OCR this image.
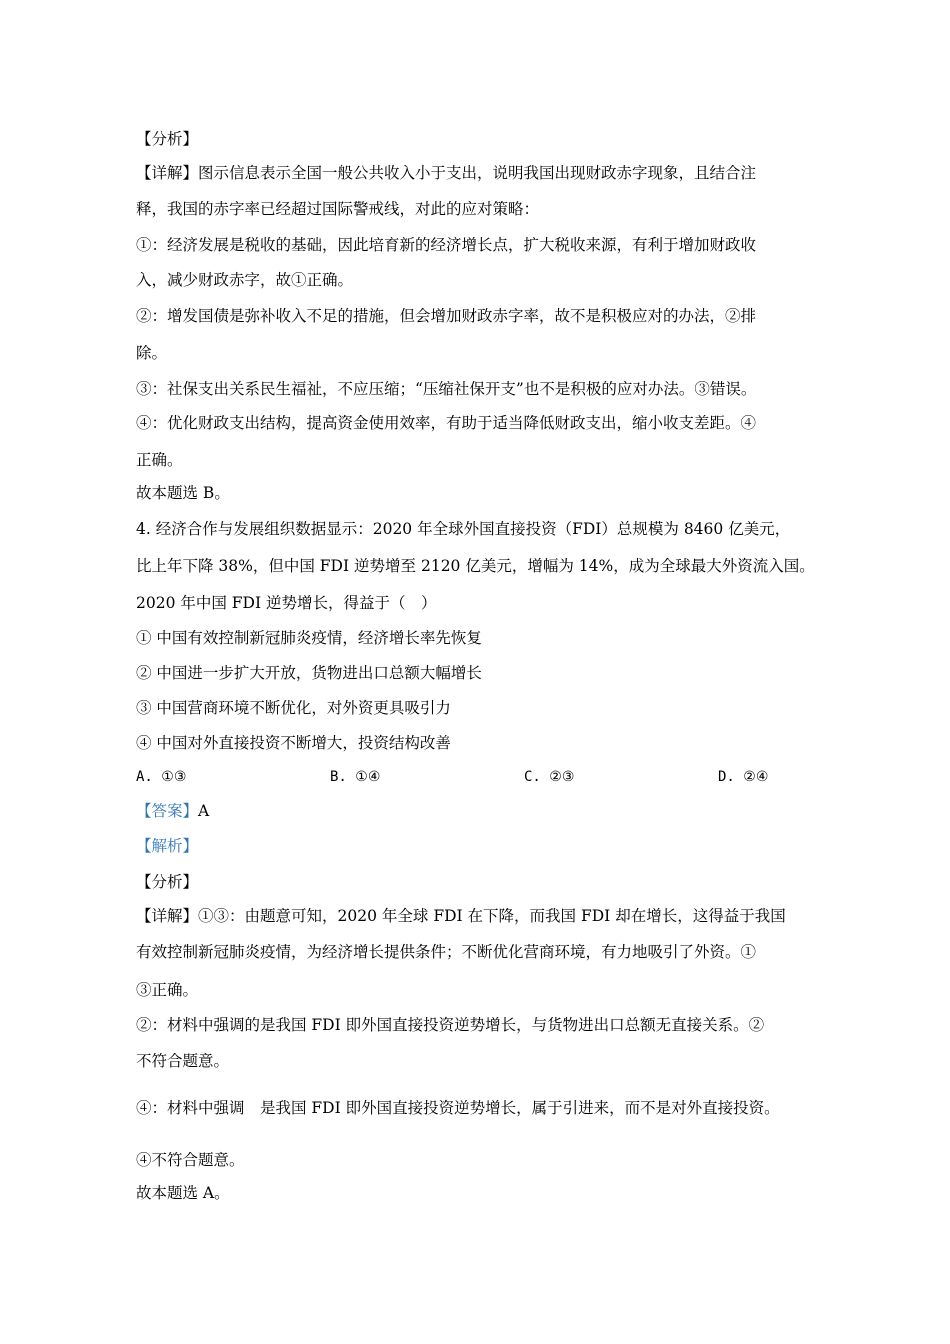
【分析】
【详解】图示信息表示全国一般公共收入小于支出，说明我国出现财政赤字现象，且结合注
释，我国的赤字率已经超过国际警戒线，对此的应对策略：
①：经济发展是税收的基础，因此培育新的经济增长点，扩大税收来源，有利于增加财政收
入，减少财政赤字，故①正确。
②：增发国债是弥补收入不足的措施，但会增加财政赤字率，故不是积极应对的办法，②排
除。
③：社保支出关系民生福祉，不应压缩；“压缩社保开支”也不是积极的应对办法。③错误。
④：优化财政支出结构，提高资金使用效率，有助于适当降低财政支出，缩小收支差距。④
正确。
故本题选 B。
4. 经济合作与发展组织数据显示：2020 年全球外国直接投资（FDI）总规模为 8460 亿美元，
比上年下降 38%，但中国 FDI 逆势增至 2120 亿美元，增幅为 14%，成为全球最大外资流入国。
2020 年中国 FDI 逆势增长，得益于（　）
① 中国有效控制新冠肺炎疫情，经济增长率先恢复
② 中国进一步扩大开放，货物进出口总额大幅增长
③ 中国营商环境不断优化，对外资更具吸引力
④ 中国对外直接投资不断增大，投资结构改善
A. ①③	B. ①④	C. ②③	D. ②④
【答案】A
【解析】
【分析】
【详解】①③：由题意可知，2020 年全球 FDI 在下降，而我国 FDI 却在增长，这得益于我国
有效控制新冠肺炎疫情，为经济增长提供条件；不断优化营商环境，有力地吸引了外资。①
③正确。
②：材料中强调的是我国 FDI 即外国直接投资逆势增长，与货物进出口总额无直接关系。②
不符合题意。
④：材料中强调　是我国 FDI 即外国直接投资逆势增长，属于引进来，而不是对外直接投资。
④不符合题意。
故本题选 A。
